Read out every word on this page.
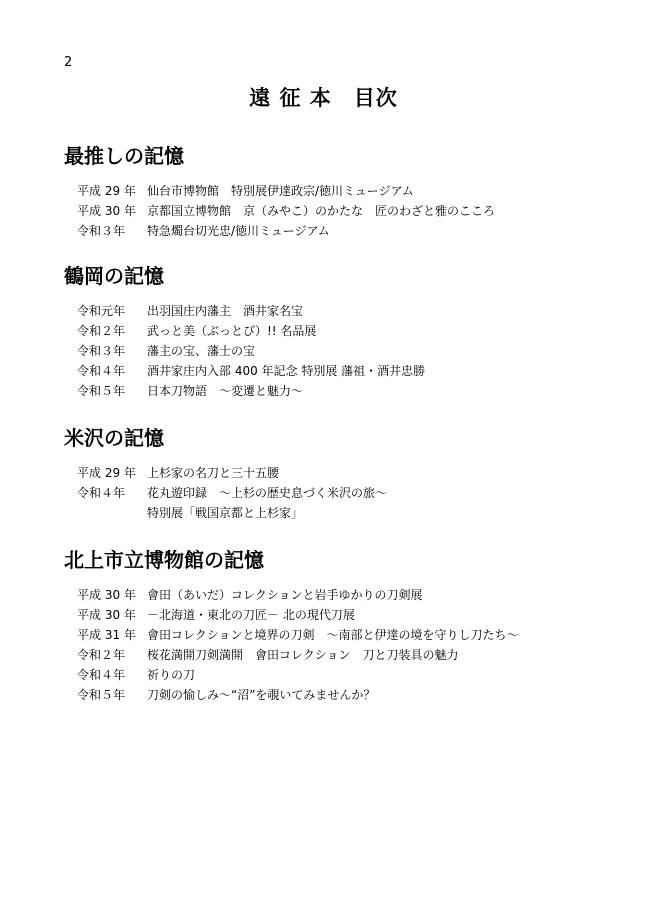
2
遠 征 本　目次
最推しの記憶
平成 29 年 仙台市博物館　特別展伊達政宗/徳川ミュージアム
平成 30 年 京都国立博物館　京（みやこ）のかたな　匠のわざと雅のこころ
令和３年	特急燭台切光忠/徳川ミュージアム
鶴岡の記憶
令和元年	出羽国庄内藩主　酒井家名宝
令和２年	武っと美（ぶっとび）!! 名品展
令和３年	藩主の宝、藩士の宝
令和４年	酒井家庄内入部 400 年記念 特別展 藩祖・酒井忠勝
令和５年	日本刀物語　～変遷と魅力～
米沢の記憶
平成 29 年 上杉家の名刀と三十五腰
令和４年	花丸遊印録　～上杉の歴史息づく米沢の旅～
特別展「戦国京都と上杉家」
北上市立博物館の記憶
平成 30 年 會田（あいだ）コレクションと岩手ゆかりの刀剣展
平成 30 年 －北海道・東北の刀匠－ 北の現代刀展
平成 31 年 會田コレクションと境界の刀剣　～南部と伊達の境を守りし刀たち～
令和２年	桜花満開刀剣満開　會田コレクション　刀と刀装具の魅力
令和４年	祈りの刀
令和５年	刀剣の愉しみ～“沼”を覗いてみませんか？
